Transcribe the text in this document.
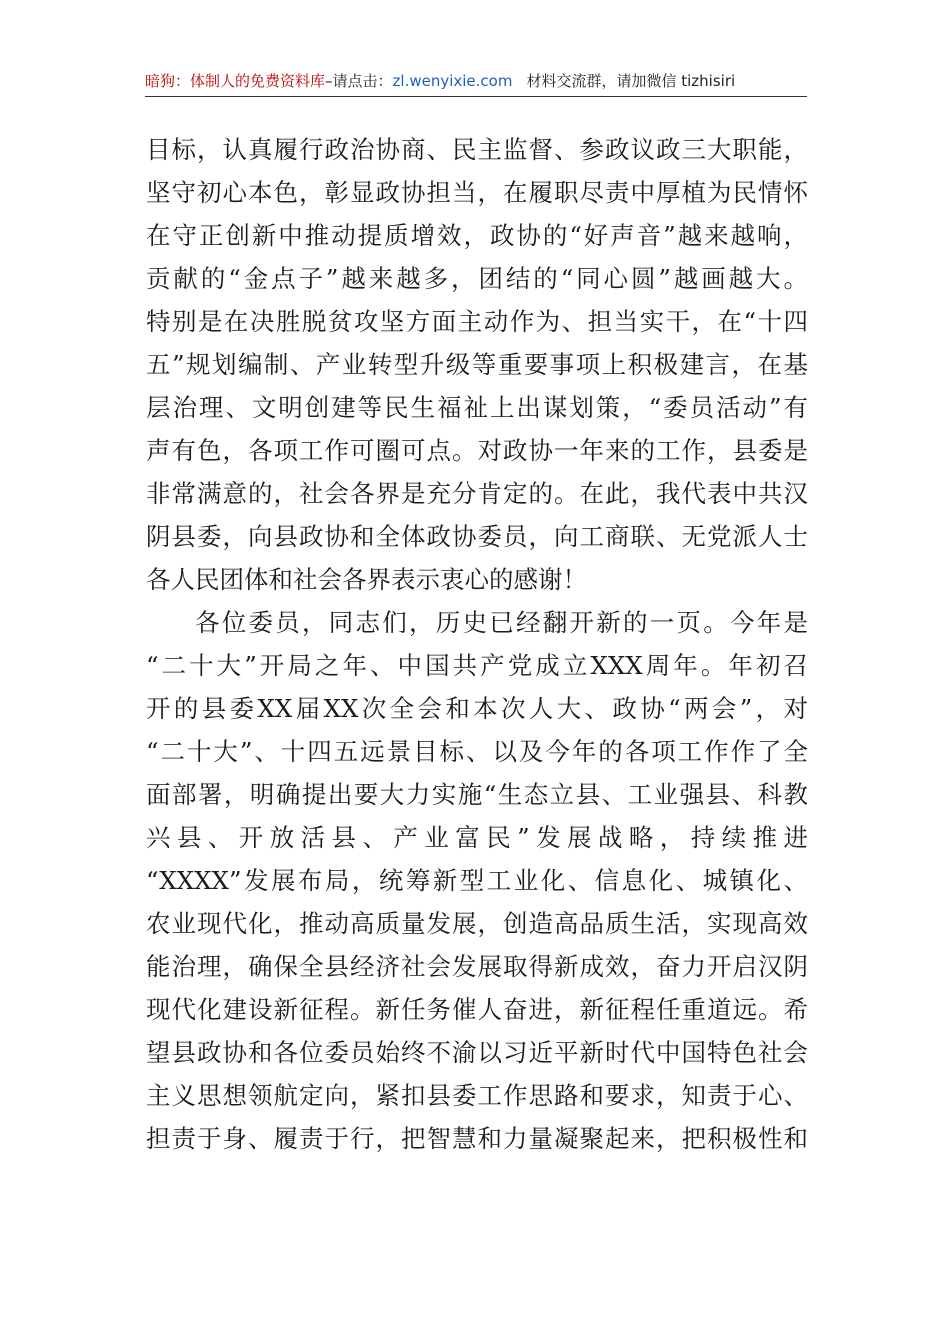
暗狗：体制人的免费资料库–请点击：zl.wenyixie.com 材料交流群，请加微信 tizhisiri
目标，认真履行政治协商、民主监督、参政议政三大职能，
坚守初心本色，彰显政协担当，在履职尽责中厚植为民情怀
在守正创新中推动提质增效，政协的“好声音”越来越响，
贡献的“金点子”越来越多，团结的“同心圆”越画越大。
特别是在决胜脱贫攻坚方面主动作为、担当实干，在“十四
五”规划编制、产业转型升级等重要事项上积极建言，在基
层治理、文明创建等民生福祉上出谋划策，“委员活动”有
声有色，各项工作可圈可点。对政协一年来的工作，县委是
非常满意的，社会各界是充分肯定的。在此，我代表中共汉
阴县委，向县政协和全体政协委员，向工商联、无党派人士
各人民团体和社会各界表示衷心的感谢！
各位委员，同志们，历史已经翻开新的一页。今年是
“二十大”开局之年、中国共产党成立XXX周年。年初召
开的县委XX届XX次全会和本次人大、政协“两会”，对
“二十大”、十四五远景目标、以及今年的各项工作作了全
面部署，明确提出要大力实施“生态立县、工业强县、科教
兴县、开放活县、产业富民”发展战略，持续推进
“XXXX”发展布局，统筹新型工业化、信息化、城镇化、
农业现代化，推动高质量发展，创造高品质生活，实现高效
能治理，确保全县经济社会发展取得新成效，奋力开启汉阴
现代化建设新征程。新任务催人奋进，新征程任重道远。希
望县政协和各位委员始终不渝以习近平新时代中国特色社会
主义思想领航定向，紧扣县委工作思路和要求，知责于心、
担责于身、履责于行，把智慧和力量凝聚起来，把积极性和
